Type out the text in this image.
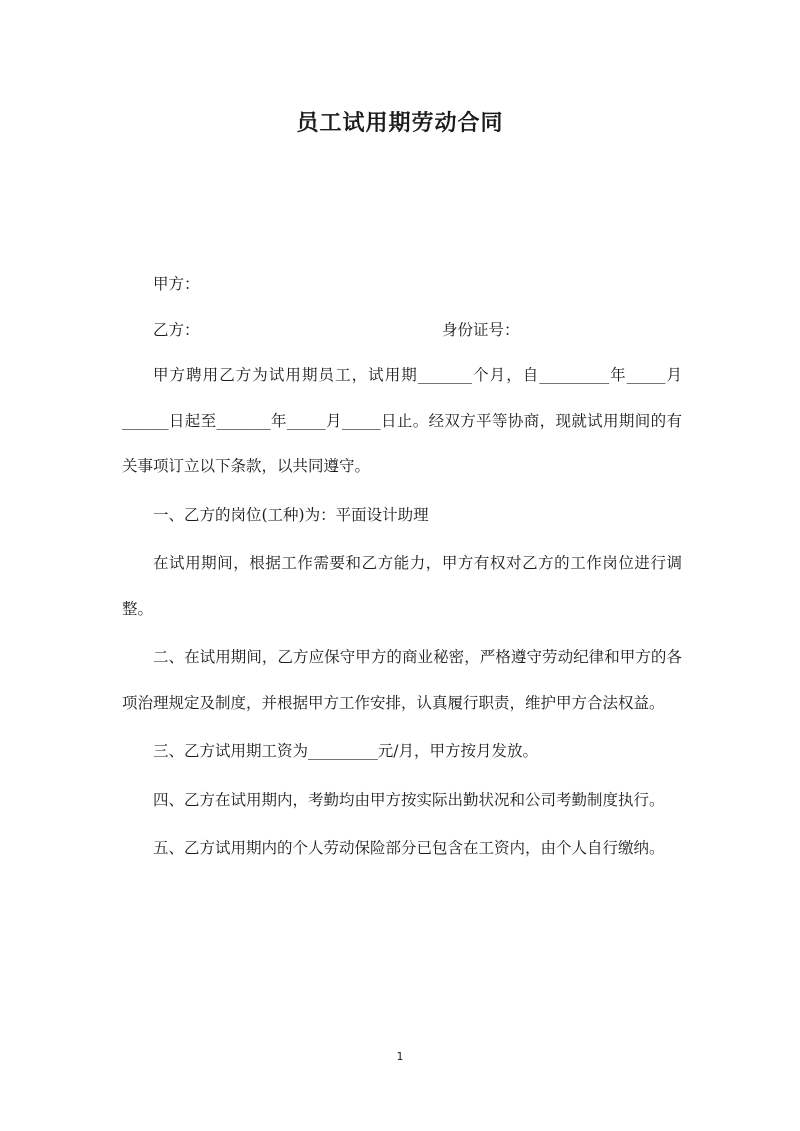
员工试用期劳动合同

甲方：

乙方：	身份证号：

甲方聘用乙方为试用期员工，试用期_______个月，自_________年_____月______日起至_______年_____月_____日止。经双方平等协商，现就试用期间的有关事项订立以下条款，以共同遵守。

一、乙方的岗位(工种)为：平面设计助理

在试用期间，根据工作需要和乙方能力，甲方有权对乙方的工作岗位进行调整。

二、在试用期间，乙方应保守甲方的商业秘密，严格遵守劳动纪律和甲方的各项治理规定及制度，并根据甲方工作安排，认真履行职责，维护甲方合法权益。

三、乙方试用期工资为_________元/月，甲方按月发放。

四、乙方在试用期内，考勤均由甲方按实际出勤状况和公司考勤制度执行。

五、乙方试用期内的个人劳动保险部分已包含在工资内，由个人自行缴纳。

1
